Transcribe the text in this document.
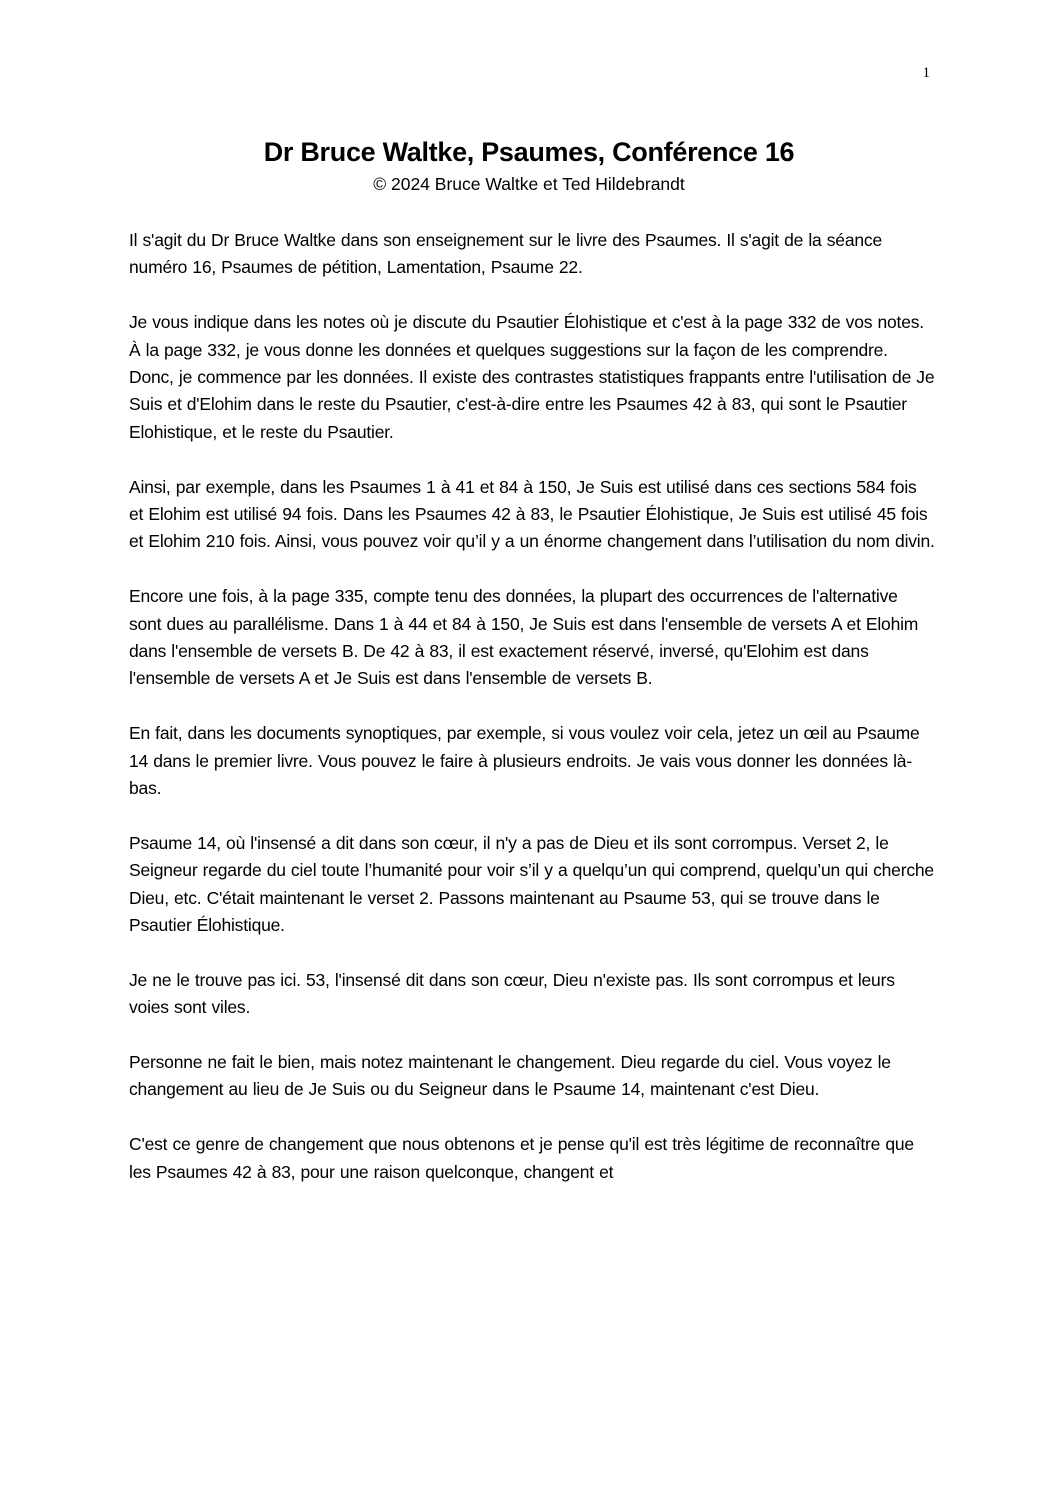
1
Dr Bruce Waltke, Psaumes, Conférence 16
© 2024 Bruce Waltke et Ted Hildebrandt

Il s'agit du Dr Bruce Waltke dans son enseignement sur le livre des Psaumes. Il s'agit de la séance numéro 16, Psaumes de pétition, Lamentation, Psaume 22.

Je vous indique dans les notes où je discute du Psautier Élohistique et c'est à la page 332 de vos notes. À la page 332, je vous donne les données et quelques suggestions sur la façon de les comprendre. Donc, je commence par les données. Il existe des contrastes statistiques frappants entre l'utilisation de Je Suis et d'Elohim dans le reste du Psautier, c'est-à-dire entre les Psaumes 42 à 83, qui sont le Psautier Elohistique, et le reste du Psautier.

Ainsi, par exemple, dans les Psaumes 1 à 41 et 84 à 150, Je Suis est utilisé dans ces sections 584 fois et Elohim est utilisé 94 fois. Dans les Psaumes 42 à 83, le Psautier Élohistique, Je Suis est utilisé 45 fois et Elohim 210 fois. Ainsi, vous pouvez voir qu’il y a un énorme changement dans l’utilisation du nom divin.

Encore une fois, à la page 335, compte tenu des données, la plupart des occurrences de l'alternative sont dues au parallélisme. Dans 1 à 44 et 84 à 150, Je Suis est dans l'ensemble de versets A et Elohim dans l'ensemble de versets B. De 42 à 83, il est exactement réservé, inversé, qu'Elohim est dans l'ensemble de versets A et Je Suis est dans l'ensemble de versets B.

En fait, dans les documents synoptiques, par exemple, si vous voulez voir cela, jetez un œil au Psaume 14 dans le premier livre. Vous pouvez le faire à plusieurs endroits. Je vais vous donner les données là-bas.

Psaume 14, où l'insensé a dit dans son cœur, il n'y a pas de Dieu et ils sont corrompus. Verset 2, le Seigneur regarde du ciel toute l’humanité pour voir s’il y a quelqu’un qui comprend, quelqu’un qui cherche Dieu, etc. C'était maintenant le verset 2. Passons maintenant au Psaume 53, qui se trouve dans le Psautier Élohistique.

Je ne le trouve pas ici. 53, l'insensé dit dans son cœur, Dieu n'existe pas. Ils sont corrompus et leurs voies sont viles.

Personne ne fait le bien, mais notez maintenant le changement. Dieu regarde du ciel. Vous voyez le changement au lieu de Je Suis ou du Seigneur dans le Psaume 14, maintenant c'est Dieu.

C'est ce genre de changement que nous obtenons et je pense qu'il est très légitime de reconnaître que les Psaumes 42 à 83, pour une raison quelconque, changent et
